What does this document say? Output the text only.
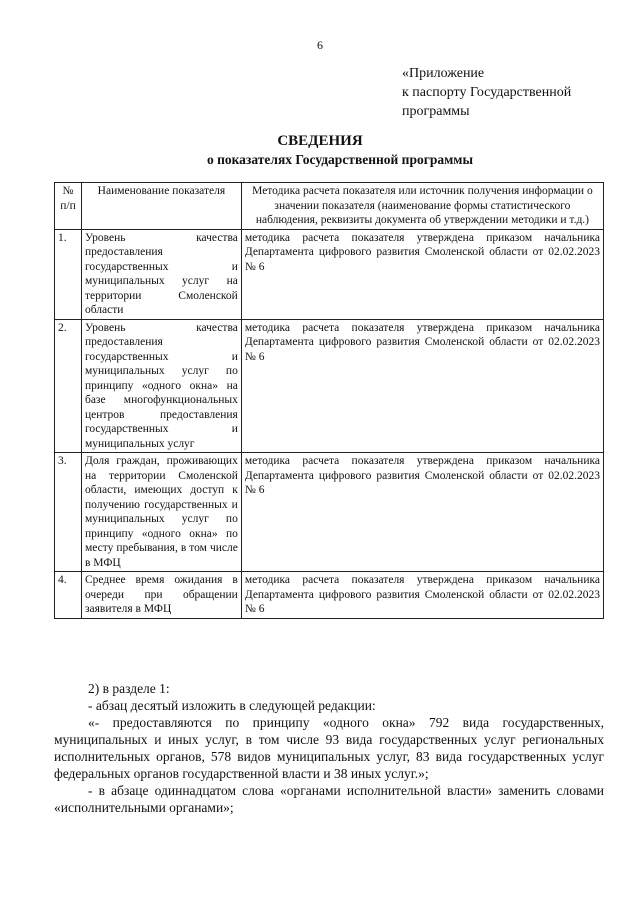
6
«Приложение
к паспорту Государственной
программы
СВЕДЕНИЯ
о показателях Государственной программы
№ п/п	Наименование показателя	Методика расчета показателя или источник получения информации о значении показателя (наименование формы статистического наблюдения, реквизиты документа об утверждении методики и т.д.)
1.	Уровень качества предоставления государственных и муниципальных услуг на территории Смоленской области	методика расчета показателя утверждена приказом начальника Департамента цифрового развития Смоленской области от 02.02.2023 № 6
2.	Уровень качества предоставления государственных и муниципальных услуг по принципу «одного окна» на базе многофункциональных центров предоставления государственных и муниципальных услуг	методика расчета показателя утверждена приказом начальника Департамента цифрового развития Смоленской области от 02.02.2023 № 6
3.	Доля граждан, проживающих на территории Смоленской области, имеющих доступ к получению государственных и муниципальных услуг по принципу «одного окна» по месту пребывания, в том числе в МФЦ	методика расчета показателя утверждена приказом начальника Департамента цифрового развития Смоленской области от 02.02.2023 № 6
4.	Среднее время ожидания в очереди при обращении заявителя в МФЦ	методика расчета показателя утверждена приказом начальника Департамента цифрового развития Смоленской области от 02.02.2023 № 6

2) в разделе 1:

- абзац десятый изложить в следующей редакции:

«- предоставляются по принципу «одного окна» 792 вида государственных, муниципальных и иных услуг, в том числе 93 вида государственных услуг региональных исполнительных органов, 578 видов муниципальных услуг, 83 вида государственных услуг федеральных органов государственной власти и 38 иных услуг.»;

- в абзаце одиннадцатом слова «органами исполнительной власти» заменить словами «исполнительными органами»;
